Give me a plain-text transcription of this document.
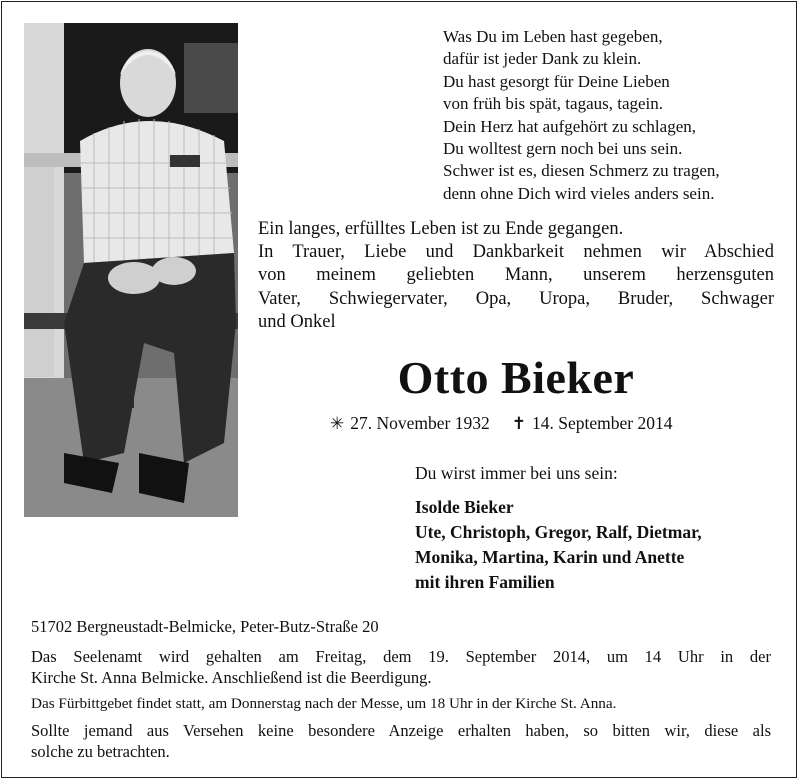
Was Du im Leben hast gegeben,
dafür ist jeder Dank zu klein.
Du hast gesorgt für Deine Lieben
von früh bis spät, tagaus, tagein.
Dein Herz hat aufgehört zu schlagen,
Du wolltest gern noch bei uns sein.
Schwer ist es, diesen Schmerz zu tragen,
denn ohne Dich wird vieles anders sein.
Ein langes, erfülltes Leben ist zu Ende gegangen.
In Trauer, Liebe und Dankbarkeit nehmen wir Abschied
von meinem geliebten Mann, unserem herzensguten
Vater, Schwiegervater, Opa, Uropa, Bruder, Schwager
und Onkel
Otto Bieker
✳ 27. November 1932 ✝ 14. September 2014
Du wirst immer bei uns sein:
Isolde Bieker
Ute, Christoph, Gregor, Ralf, Dietmar,
Monika, Martina, Karin und Anette
mit ihren Familien
51702 Bergneustadt-Belmicke, Peter-Butz-Straße 20
Das Seelenamt wird gehalten am Freitag, dem 19. September 2014, um 14 Uhr in der
Kirche St. Anna Belmicke. Anschließend ist die Beerdigung.
Das Fürbittgebet findet statt, am Donnerstag nach der Messe, um 18 Uhr in der Kirche St. Anna.
Sollte jemand aus Versehen keine besondere Anzeige erhalten haben, so bitten wir, diese als
solche zu betrachten.
